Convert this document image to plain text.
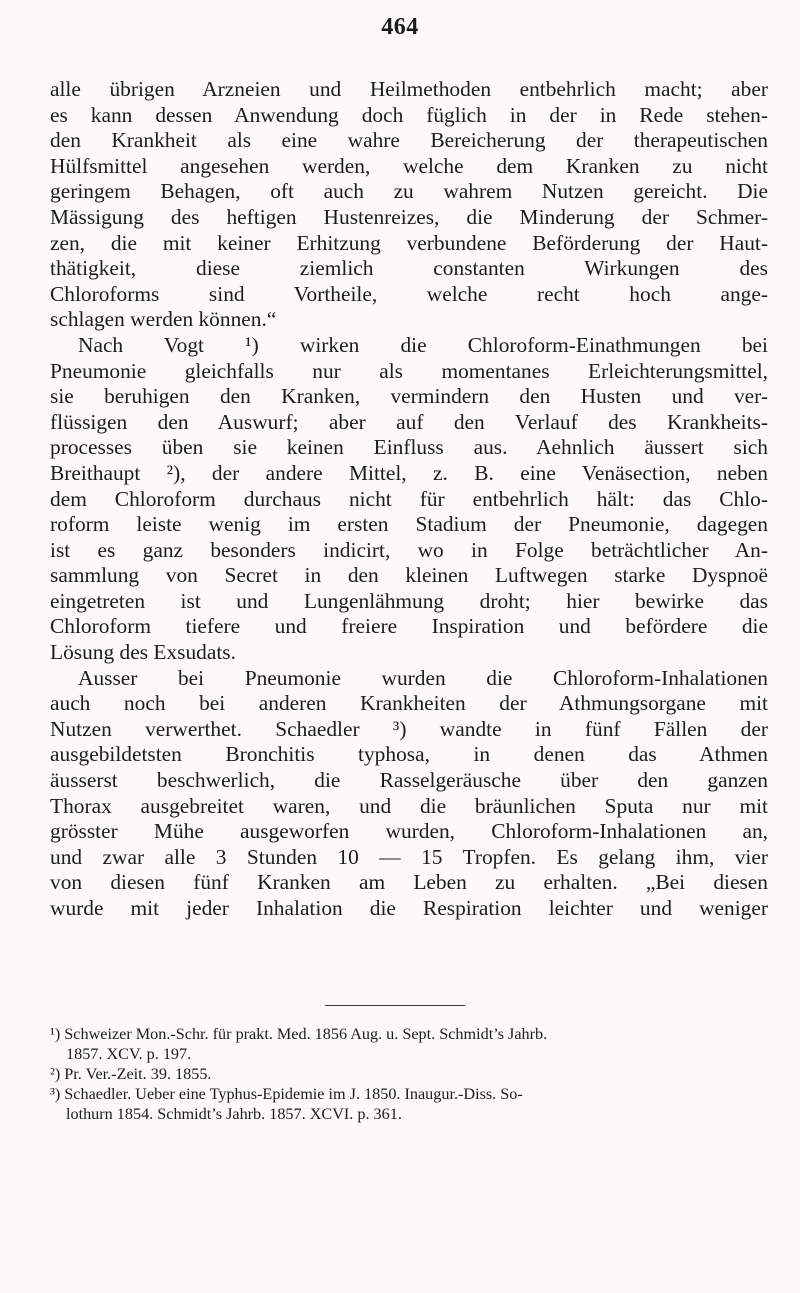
464
alle übrigen Arzneien und Heilmethoden entbehrlich macht; aber
es kann dessen Anwendung doch füglich in der in Rede stehen-
den Krankheit als eine wahre Bereicherung der therapeutischen
Hülfsmittel angesehen werden, welche dem Kranken zu nicht
geringem Behagen, oft auch zu wahrem Nutzen gereicht. Die
Mässigung des heftigen Hustenreizes, die Minderung der Schmer-
zen, die mit keiner Erhitzung verbundene Beförderung der Haut-
thätigkeit, diese ziemlich constanten Wirkungen des
Chloroforms sind Vortheile, welche recht hoch ange-
schlagen werden können.“
Nach Vogt ¹) wirken die Chloroform-Einathmungen bei
Pneumonie gleichfalls nur als momentanes Erleichterungsmittel,
sie beruhigen den Kranken, vermindern den Husten und ver-
flüssigen den Auswurf; aber auf den Verlauf des Krankheits-
processes üben sie keinen Einfluss aus. Aehnlich äussert sich
Breithaupt ²), der andere Mittel, z. B. eine Venäsection, neben
dem Chloroform durchaus nicht für entbehrlich hält: das Chlo-
roform leiste wenig im ersten Stadium der Pneumonie, dagegen
ist es ganz besonders indicirt, wo in Folge beträchtlicher An-
sammlung von Secret in den kleinen Luftwegen starke Dyspnoë
eingetreten ist und Lungenlähmung droht; hier bewirke das
Chloroform tiefere und freiere Inspiration und befördere die
Lösung des Exsudats.
Ausser bei Pneumonie wurden die Chloroform-Inhalationen
auch noch bei anderen Krankheiten der Athmungsorgane mit
Nutzen verwerthet. Schaedler ³) wandte in fünf Fällen der
ausgebildetsten Bronchitis typhosa, in denen das Athmen
äusserst beschwerlich, die Rasselgeräusche über den ganzen
Thorax ausgebreitet waren, und die bräunlichen Sputa nur mit
grösster Mühe ausgeworfen wurden, Chloroform-Inhalationen an,
und zwar alle 3 Stunden 10 — 15 Tropfen. Es gelang ihm, vier
von diesen fünf Kranken am Leben zu erhalten. „Bei diesen
wurde mit jeder Inhalation die Respiration leichter und weniger
¹) Schweizer Mon.-Schr. für prakt. Med. 1856 Aug. u. Sept. Schmidt’s Jahrb.
1857. XCV. p. 197.
²) Pr. Ver.-Zeit. 39. 1855.
³) Schaedler. Ueber eine Typhus-Epidemie im J. 1850. Inaugur.-Diss. So-
lothurn 1854. Schmidt’s Jahrb. 1857. XCVI. p. 361.
